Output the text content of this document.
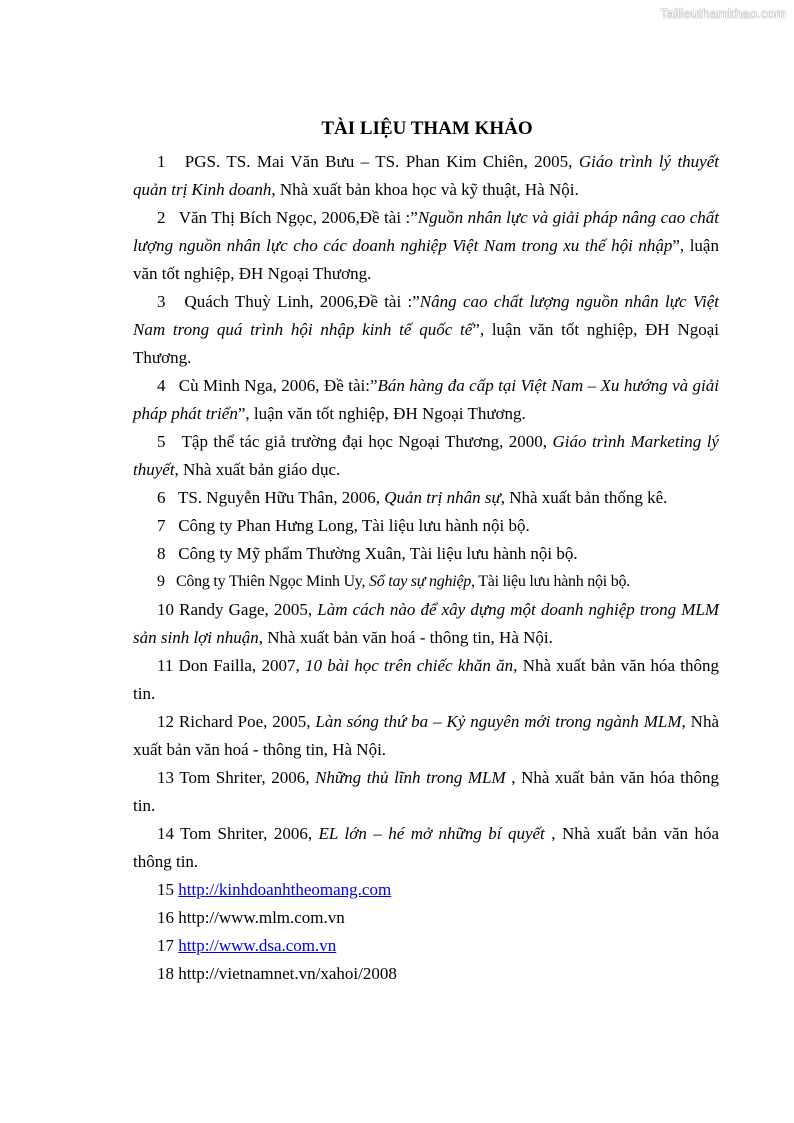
Tailieuthamkhao.com
TÀI LIỆU THAM KHẢO

1 PGS. TS. Mai Văn Bưu – TS. Phan Kim Chiên, 2005, Giáo trình lý thuyết quản trị Kinh doanh, Nhà xuất bản khoa học và kỹ thuật, Hà Nội.

2 Văn Thị Bích Ngọc, 2006,Đề tài :”Nguồn nhân lực và giải pháp nâng cao chất lượng nguồn nhân lực cho các doanh nghiệp Việt Nam trong xu thế hội nhập”, luận văn tốt nghiệp, ĐH Ngoại Thương.

3 Quách Thuỳ Linh, 2006,Đề tài :”Nâng cao chất lượng nguồn nhân lực Việt Nam trong quá trình hội nhập kinh tế quốc tế”, luận văn tốt nghiệp, ĐH Ngoại Thương.

4 Cù Minh Nga, 2006, Đề tài:”Bán hàng đa cấp tại Việt Nam – Xu hướng và giải pháp phát triển”, luận văn tốt nghiệp, ĐH Ngoại Thương.

5 Tập thể tác giả trường đại học Ngoại Thương, 2000, Giáo trình Marketing lý thuyết, Nhà xuất bản giáo dục.

6 TS. Nguyễn Hữu Thân, 2006, Quản trị nhân sự, Nhà xuất bản thống kê.

7 Công ty Phan Hưng Long, Tài liệu lưu hành nội bộ.

8 Công ty Mỹ phẩm Thường Xuân, Tài liệu lưu hành nội bộ.

9 Công ty Thiên Ngọc Minh Uy, Sổ tay sự nghiệp, Tài liệu lưu hành nội bộ.

10 Randy Gage, 2005, Làm cách nào để xây dựng một doanh nghiệp trong MLM sản sinh lợi nhuận, Nhà xuất bản văn hoá - thông tin, Hà Nội.

11 Don Failla, 2007, 10 bài học trên chiếc khăn ăn, Nhà xuất bản văn hóa thông tin.

12 Richard Poe, 2005, Làn sóng thứ ba – Kỷ nguyên mới trong ngành MLM, Nhà xuất bản văn hoá - thông tin, Hà Nội.

13 Tom Shriter, 2006, Những thủ lĩnh trong MLM , Nhà xuất bản văn hóa thông tin.

14 Tom Shriter, 2006, EL lớn – hé mở những bí quyết , Nhà xuất bản văn hóa thông tin.

15 http://kinhdoanhtheomang.com

16 http://www.mlm.com.vn

17 http://www.dsa.com.vn

18 http://vietnamnet.vn/xahoi/2008
